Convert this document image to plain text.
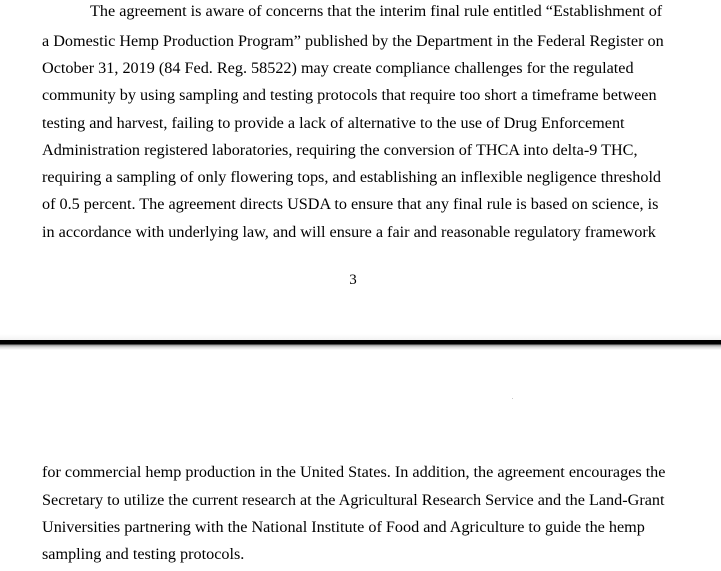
The agreement is aware of concerns that the interim final rule entitled “Establishment of

a Domestic Hemp Production Program” published by the Department in the Federal Register on

October 31, 2019 (84 Fed. Reg. 58522) may create compliance challenges for the regulated

community by using sampling and testing protocols that require too short a timeframe between

testing and harvest, failing to provide a lack of alternative to the use of Drug Enforcement

Administration registered laboratories, requiring the conversion of THCA into delta-9 THC,

requiring a sampling of only flowering tops, and establishing an inflexible negligence threshold

of 0.5 percent. The agreement directs USDA to ensure that any final rule is based on science, is

in accordance with underlying law, and will ensure a fair and reasonable regulatory framework

3

for commercial hemp production in the United States. In addition, the agreement encourages the

Secretary to utilize the current research at the Agricultural Research Service and the Land-Grant

Universities partnering with the National Institute of Food and Agriculture to guide the hemp

sampling and testing protocols.
